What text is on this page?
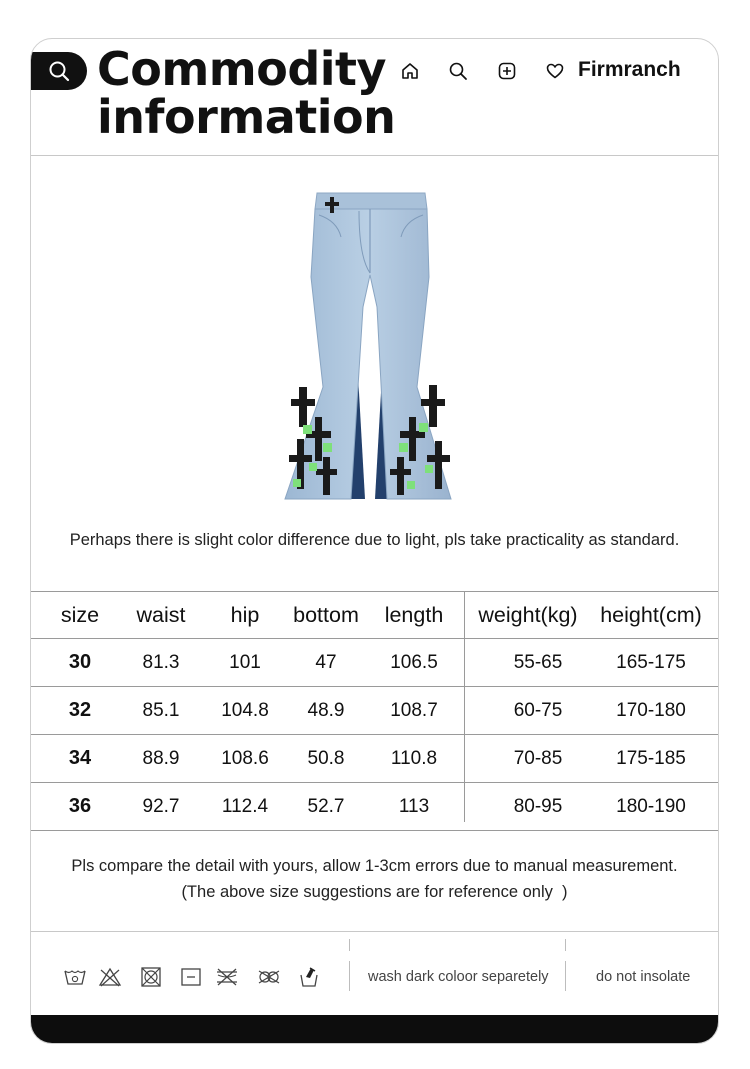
Commodity
information
Firmranch
Perhaps there is slight color difference due to light, pls take practicality as standard.
size	waist	hip	bottom	length	weight(kg)	height(cm)
30	81.3	101	47	106.5	55-65	165-175
32	85.1	104.8	48.9	108.7	60-75	170-180
34	88.9	108.6	50.8	110.8	70-85	175-185
36	92.7	112.4	52.7	113	80-95	180-190
Pls compare the detail with yours, allow 1-3cm errors due to manual measurement.
(The above size suggestions are for reference only  )
wash dark coloor separetely	do not insolate
